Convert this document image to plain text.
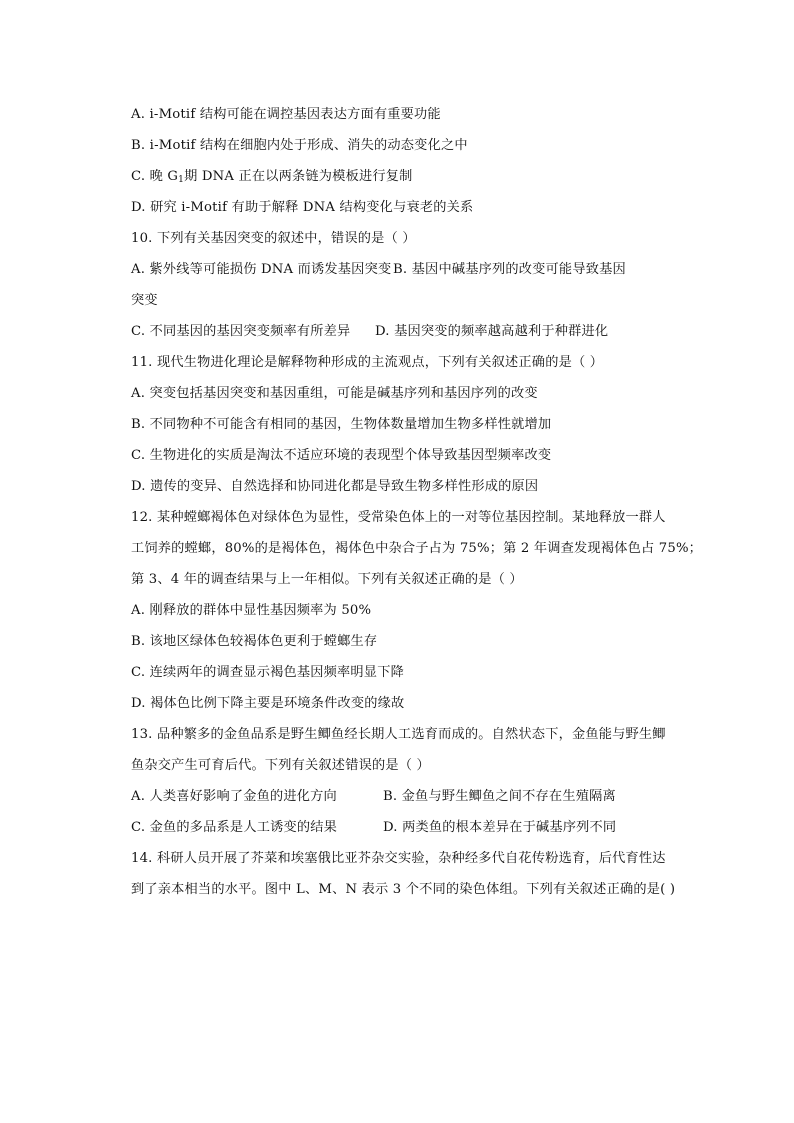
A. i-Motif 结构可能在调控基因表达方面有重要功能
B. i-Motif 结构在细胞内处于形成、消失的动态变化之中
C. 晚 $G_1$期 DNA 正在以两条链为模板进行复制
D. 研究 i-Motif 有助于解释 DNA 结构变化与衰老的关系
10. 下列有关基因突变的叙述中，错误的是（ ）
A. 紫外线等可能损伤 DNA 而诱发基因突变 B. 基因中碱基序列的改变可能导致基因
突变
C. 不同基因的基因突变频率有所差异	D. 基因突变的频率越高越利于种群进化
11. 现代生物进化理论是解释物种形成的主流观点，下列有关叙述正确的是（ ）
A. 突变包括基因突变和基因重组，可能是碱基序列和基因序列的改变
B. 不同物种不可能含有相同的基因，生物体数量增加生物多样性就增加
C. 生物进化的实质是淘汰不适应环境的表现型个体导致基因型频率改变
D. 遗传的变异、自然选择和协同进化都是导致生物多样性形成的原因
12. 某种螳螂褐体色对绿体色为显性，受常染色体上的一对等位基因控制。某地释放一群人
工饲养的螳螂，80%的是褐体色，褐体色中杂合子占为 75%；第 2 年调查发现褐体色占 75%；
第 3、4 年的调查结果与上一年相似。下列有关叙述正确的是（ ）
A. 刚释放的群体中显性基因频率为 50%
B. 该地区绿体色较褐体色更利于螳螂生存
C. 连续两年的调查显示褐色基因频率明显下降
D. 褐体色比例下降主要是环境条件改变的缘故
13. 品种繁多的金鱼品系是野生鲫鱼经长期人工选育而成的。自然状态下，金鱼能与野生鲫
鱼杂交产生可育后代。下列有关叙述错误的是（ ）
A. 人类喜好影响了金鱼的进化方向	B. 金鱼与野生鲫鱼之间不存在生殖隔离
C. 金鱼的多品系是人工诱变的结果	D. 两类鱼的根本差异在于碱基序列不同
14. 科研人员开展了芥菜和埃塞俄比亚芥杂交实验，杂种经多代自花传粉选育，后代育性达
到了亲本相当的水平。图中 L、M、N 表示 3 个不同的染色体组。下列有关叙述正确的是( )
